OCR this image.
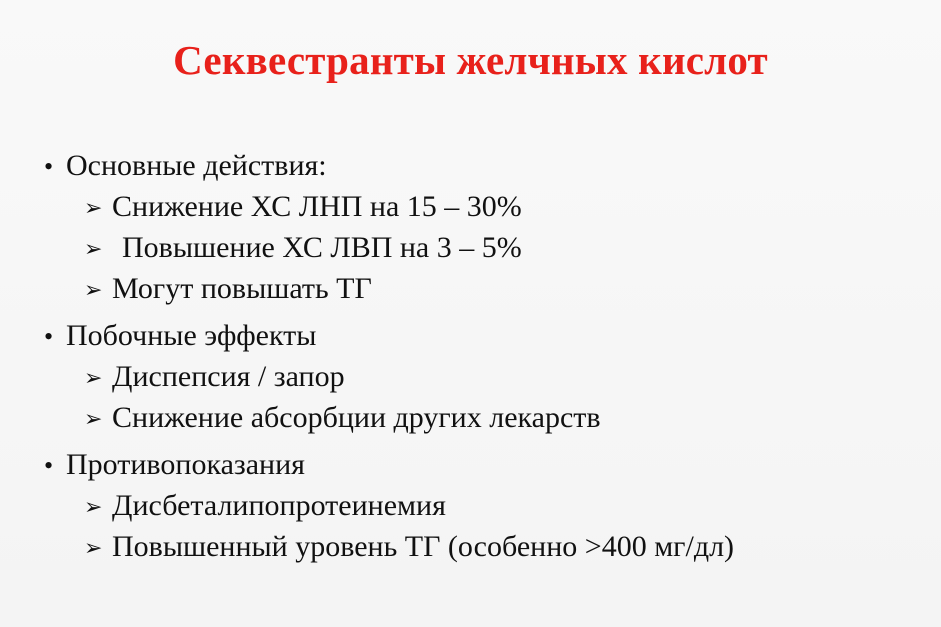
Секвестранты желчных кислот
• Основные действия:
➢ Снижение ХС ЛНП на 15 – 30%
➢ Повышение ХС ЛВП на 3 – 5%
➢ Могут повышать ТГ
• Побочные эффекты
➢ Диспепсия / запор
➢ Снижение абсорбции других лекарств
• Противопоказания
➢ Дисбеталипопротеинемия
➢ Повышенный уровень ТГ (особенно >400 мг/дл)
